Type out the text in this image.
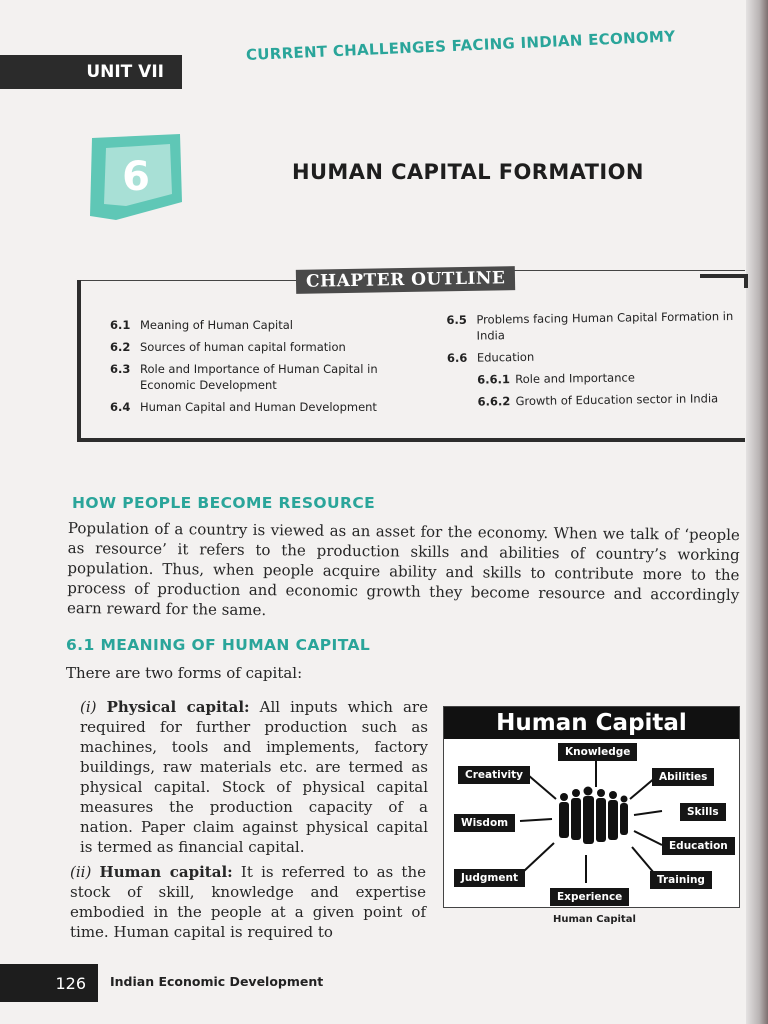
UNIT VII
CURRENT CHALLENGES FACING INDIAN ECONOMY
6	HUMAN CAPITAL FORMATION
CHAPTER OUTLINE
6.1 Meaning of Human Capital
6.2 Sources of human capital formation
6.3 Role and Importance of Human Capital in Economic Development
6.4 Human Capital and Human Development
6.5 Problems facing Human Capital Formation in India
6.6 Education
6.6.1 Role and Importance
6.6.2 Growth of Education sector in India
HOW PEOPLE BECOME RESOURCE
Population of a country is viewed as an asset for the economy. When we talk of ‘people as resource’ it refers to the production skills and abilities of country’s working population. Thus, when people acquire ability and skills to contribute more to the process of production and economic growth they become resource and accordingly earn reward for the same.
6.1 MEANING OF HUMAN CAPITAL
There are two forms of capital:
(i) Physical capital: All inputs which are required for further production such as machines, tools and implements, factory buildings, raw materials etc. are termed as physical capital. Stock of physical capital measures the production capacity of a nation. Paper claim against physical capital is termed as financial capital.
(ii) Human capital: It is referred to as the stock of skill, knowledge and expertise embodied in the people at a given point of time. Human capital is required to
Human Capital
Knowledge
Creativity	Abilities
Skills
Wisdom
Education
Judgment	Training
Experience
Human Capital
126	Indian Economic Development
